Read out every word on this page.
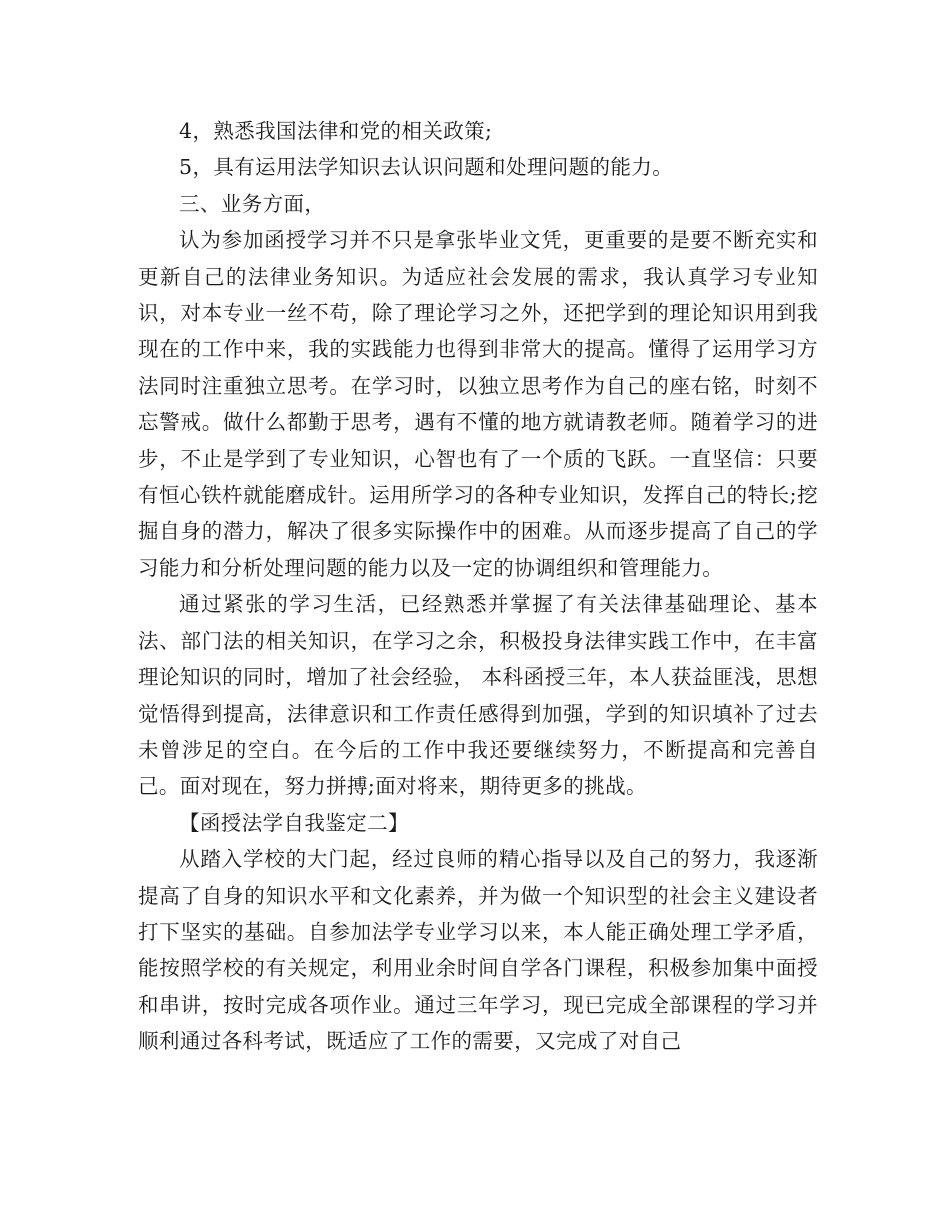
4，熟悉我国法律和党的相关政策;

5，具有运用法学知识去认识问题和处理问题的能力。

三、业务方面，

认为参加函授学习并不只是拿张毕业文凭，更重要的是要不断充实和更新自己的法律业务知识。为适应社会发展的需求，我认真学习专业知识，对本专业一丝不苟，除了理论学习之外，还把学到的理论知识用到我现在的工作中来，我的实践能力也得到非常大的提高。懂得了运用学习方法同时注重独立思考。在学习时，以独立思考作为自己的座右铭，时刻不忘警戒。做什么都勤于思考，遇有不懂的地方就请教老师。随着学习的进步，不止是学到了专业知识，心智也有了一个质的飞跃。一直坚信：只要有恒心铁杵就能磨成针。运用所学习的各种专业知识，发挥自己的特长;挖掘自身的潜力，解决了很多实际操作中的困难。从而逐步提高了自己的学习能力和分析处理问题的能力以及一定的协调组织和管理能力。

通过紧张的学习生活，已经熟悉并掌握了有关法律基础理论、基本法、部门法的相关知识，在学习之余，积极投身法律实践工作中，在丰富理论知识的同时，增加了社会经验， 本科函授三年，本人获益匪浅，思想觉悟得到提高，法律意识和工作责任感得到加强，学到的知识填补了过去未曾涉足的空白。在今后的工作中我还要继续努力，不断提高和完善自己。面对现在，努力拼搏;面对将来，期待更多的挑战。

【函授法学自我鉴定二】

从踏入学校的大门起，经过良师的精心指导以及自己的努力，我逐渐提高了自身的知识水平和文化素养，并为做一个知识型的社会主义建设者打下坚实的基础。自参加法学专业学习以来，本人能正确处理工学矛盾，能按照学校的有关规定，利用业余时间自学各门课程，积极参加集中面授和串讲，按时完成各项作业。通过三年学习，现已完成全部课程的学习并顺利通过各科考试，既适应了工作的需要，又完成了对自己
